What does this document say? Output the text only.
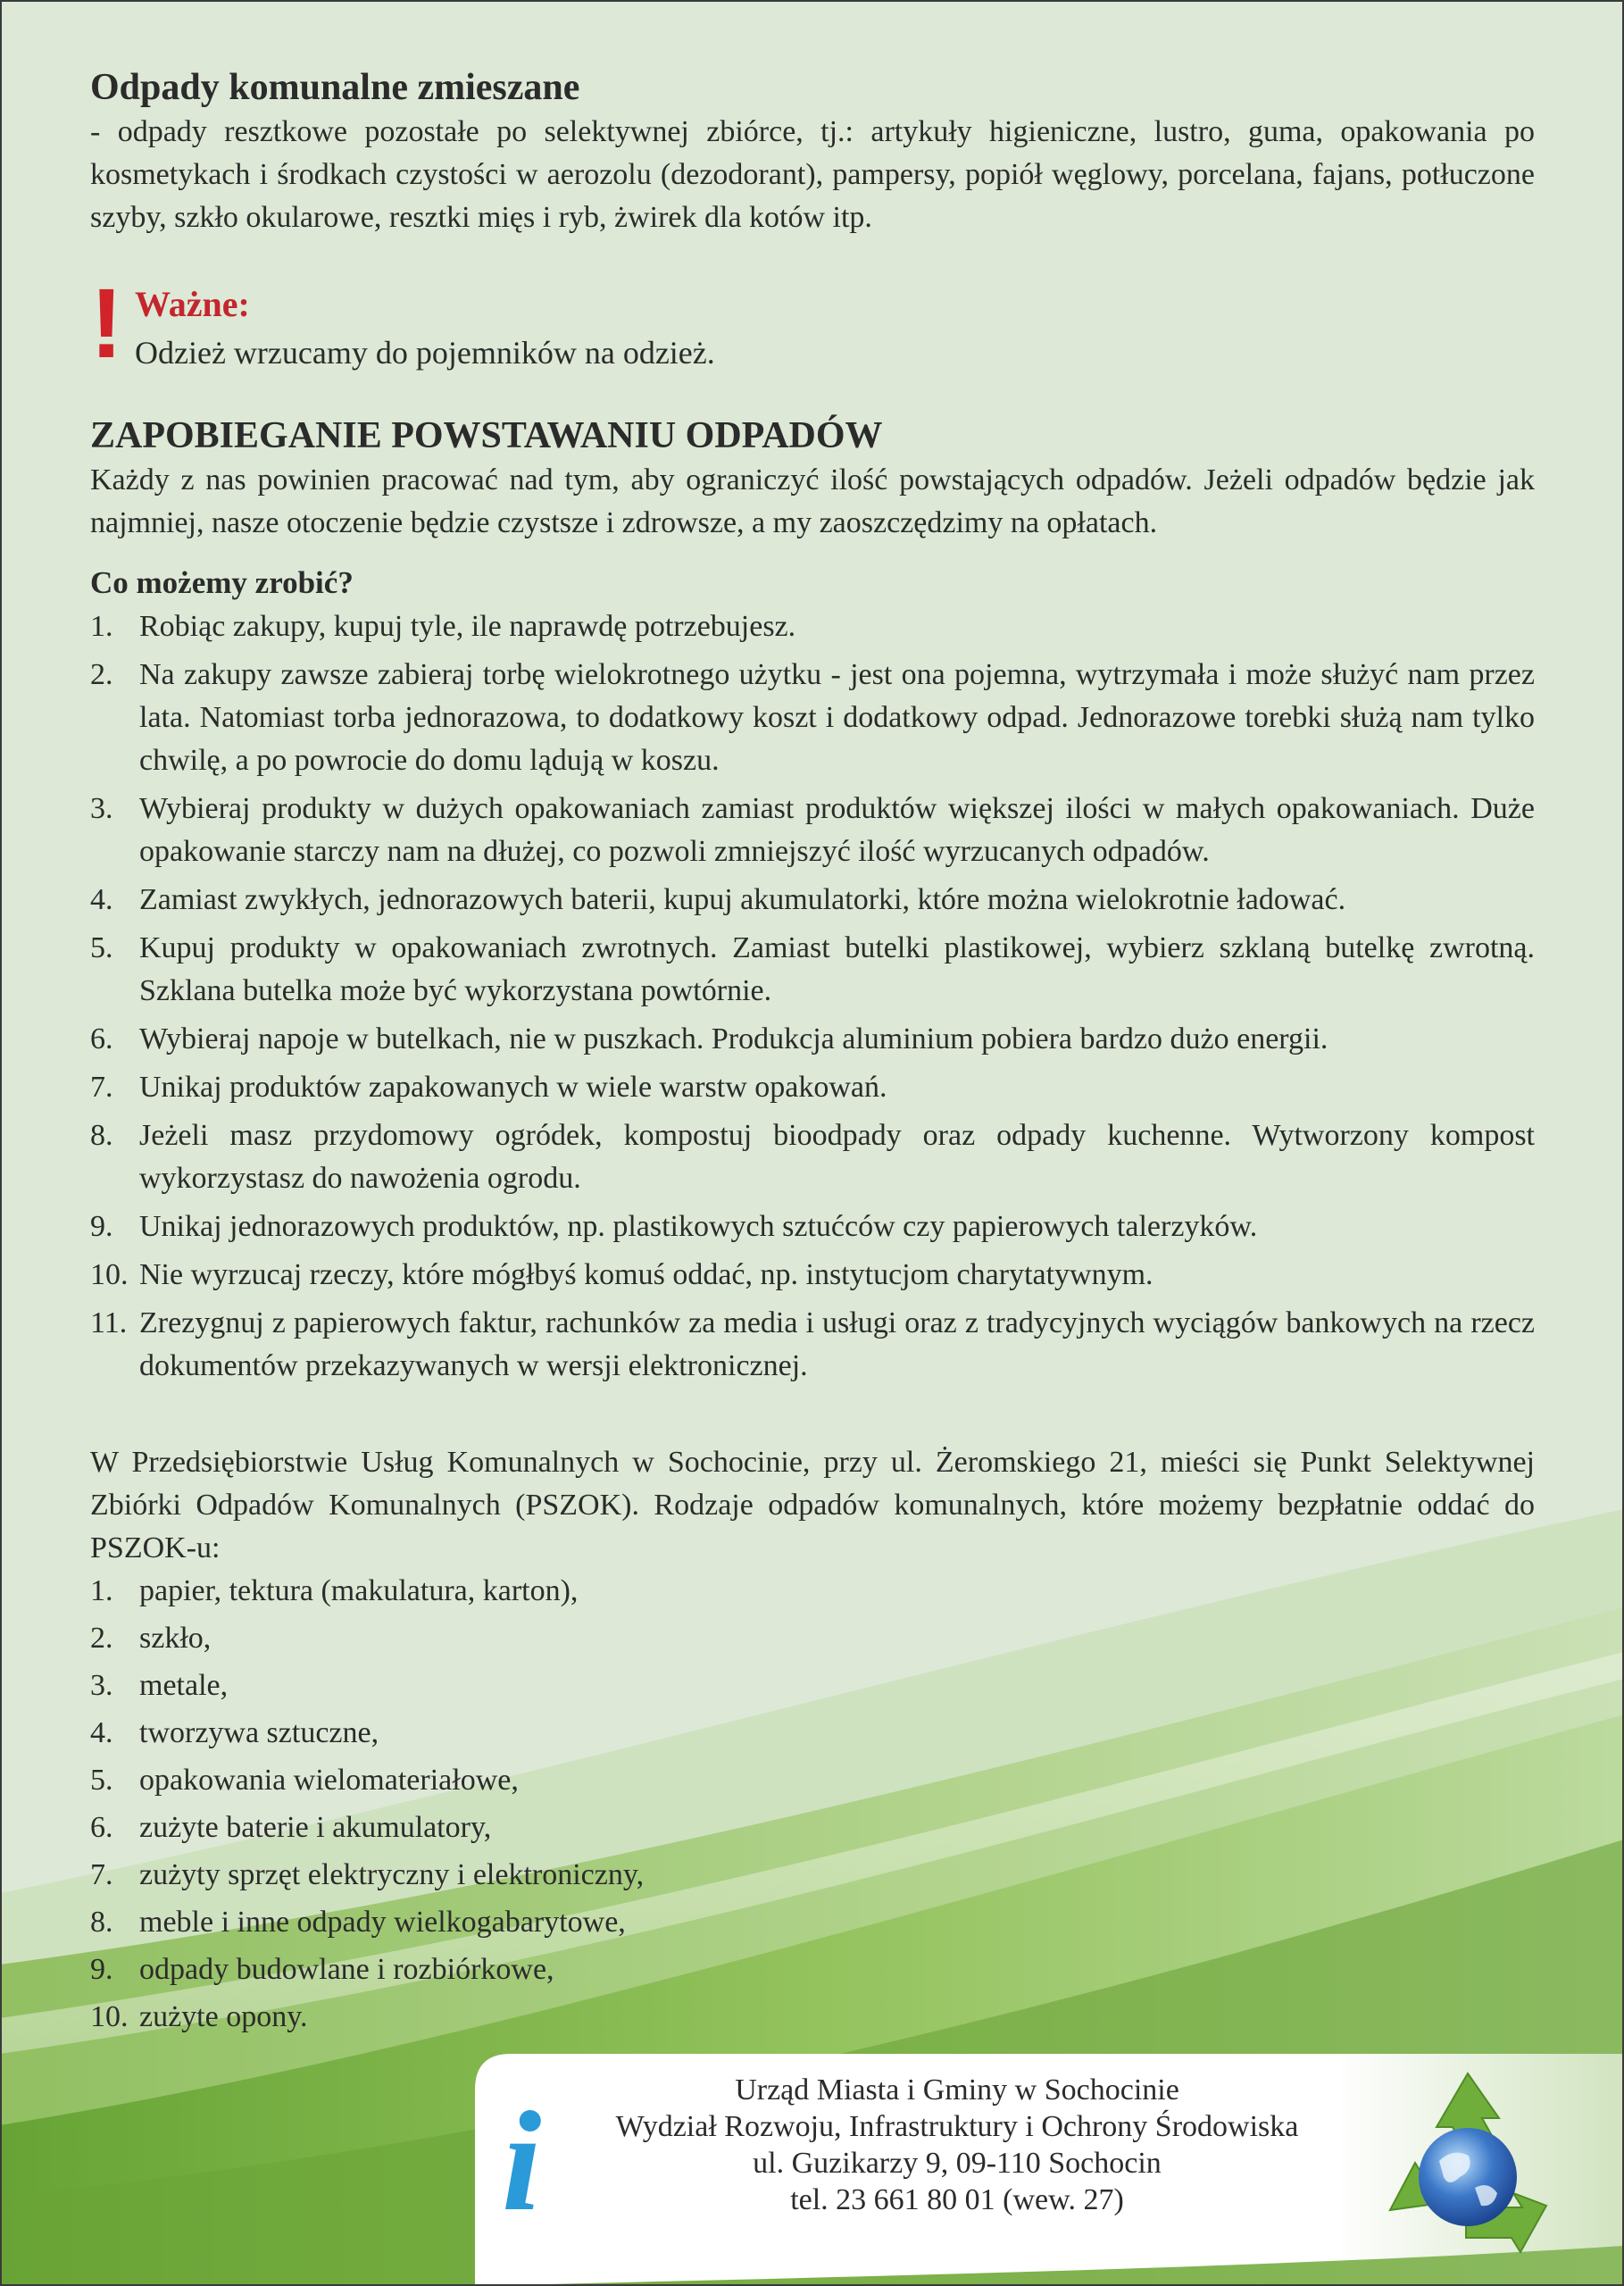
Odpady komunalne zmieszane

- odpady resztkowe pozostałe po selektywnej zbiórce, tj.: artykuły higieniczne, lustro, guma, opakowania po kosmetykach i środkach czystości w aerozolu (dezodorant), pampersy, popiół węglowy, porcelana, fajans, potłuczone szyby, szkło okularowe, resztki mięs i ryb, żwirek dla kotów itp.

! Ważne:
Odzież wrzucamy do pojemników na odzież.
ZAPOBIEGANIE POWSTAWANIU ODPADÓW

Każdy z nas powinien pracować nad tym, aby ograniczyć ilość powstających odpadów. Jeżeli odpadów będzie jak najmniej, nasze otoczenie będzie czystsze i zdrowsze, a my zaoszczędzimy na opłatach.

Co możemy zrobić?
1. Robiąc zakupy, kupuj tyle, ile naprawdę potrzebujesz.
2. Na zakupy zawsze zabieraj torbę wielokrotnego użytku - jest ona pojemna, wytrzymała i może służyć nam przez lata. Natomiast torba jednorazowa, to dodatkowy koszt i dodatkowy odpad. Jednorazowe torebki służą nam tylko chwilę, a po powrocie do domu lądują w koszu.
3. Wybieraj produkty w dużych opakowaniach zamiast produktów większej ilości w małych opakowaniach. Duże opakowanie starczy nam na dłużej, co pozwoli zmniejszyć ilość wyrzucanych odpadów.
4. Zamiast zwykłych, jednorazowych baterii, kupuj akumulatorki, które można wielokrotnie ładować.
5. Kupuj produkty w opakowaniach zwrotnych. Zamiast butelki plastikowej, wybierz szklaną butelkę zwrotną. Szklana butelka może być wykorzystana powtórnie.
6. Wybieraj napoje w butelkach, nie w puszkach. Produkcja aluminium pobiera bardzo dużo energii.
7. Unikaj produktów zapakowanych w wiele warstw opakowań.
8. Jeżeli masz przydomowy ogródek, kompostuj bioodpady oraz odpady kuchenne. Wytworzony kompost wykorzystasz do nawożenia ogrodu.
9. Unikaj jednorazowych produktów, np. plastikowych sztućców czy papierowych talerzyków.
10. Nie wyrzucaj rzeczy, które mógłbyś komuś oddać, np. instytucjom charytatywnym.
11. Zrezygnuj z papierowych faktur, rachunków za media i usługi oraz z tradycyjnych wyciągów bankowych na rzecz dokumentów przekazywanych w wersji elektronicznej.

W Przedsiębiorstwie Usług Komunalnych w Sochocinie, przy ul. Żeromskiego 21, mieści się Punkt Selektywnej Zbiórki Odpadów Komunalnych (PSZOK). Rodzaje odpadów komunalnych, które możemy bezpłatnie oddać do PSZOK-u:

1. papier, tektura (makulatura, karton),
2. szkło,
3. metale,
4. tworzywa sztuczne,
5. opakowania wielomateriałowe,
6. zużyte baterie i akumulatory,
7. zużyty sprzęt elektryczny i elektroniczny,
8. meble i inne odpady wielkogabarytowe,
9. odpady budowlane i rozbiórkowe,
10. zużyte opony.
i	Urząd Miasta i Gminy w Sochocinie
Wydział Rozwoju, Infrastruktury i Ochrony Środowiska
ul. Guzikarzy 9, 09-110 Sochocin
tel. 23 661 80 01 (wew. 27)
